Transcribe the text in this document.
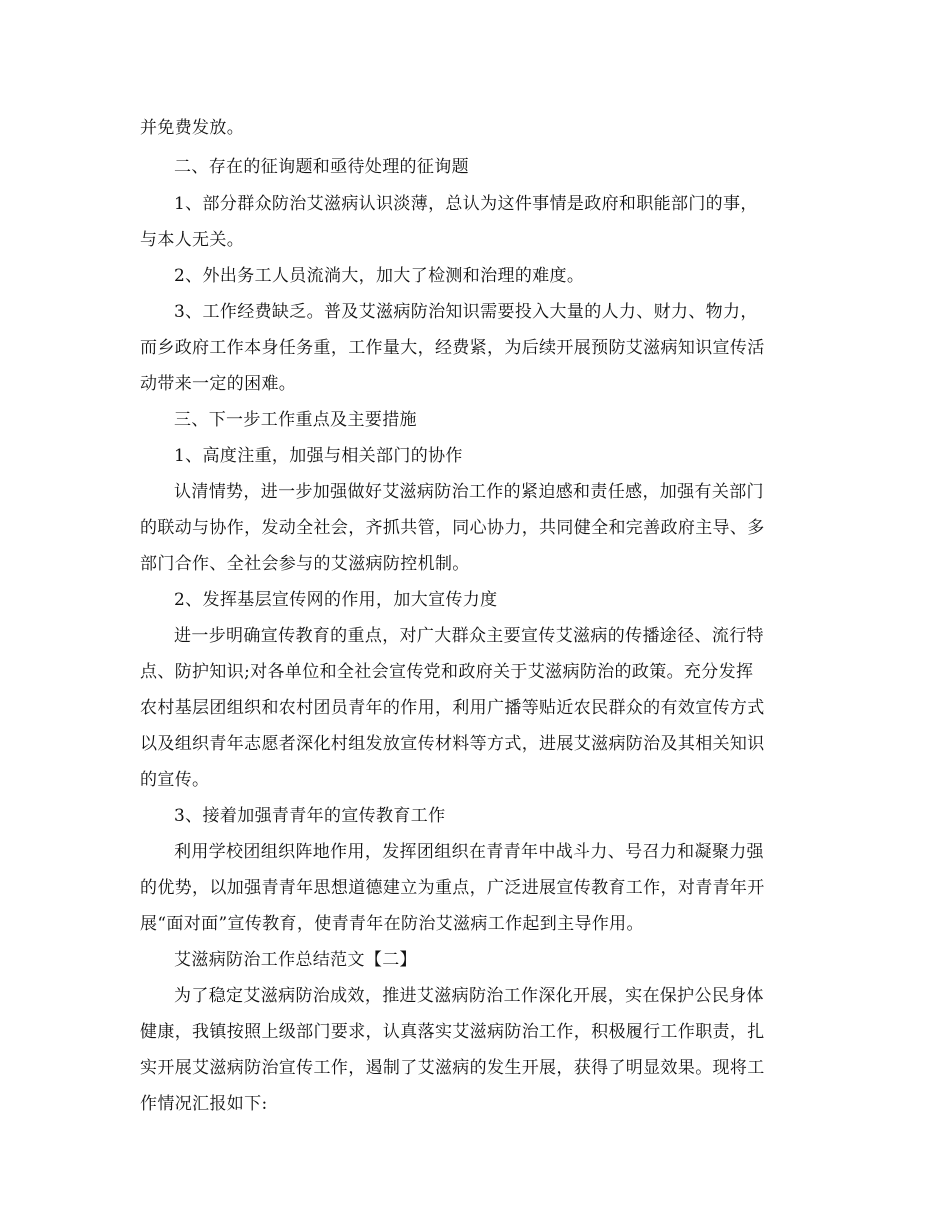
并免费发放。

二、存在的征询题和亟待处理的征询题

1、部分群众防治艾滋病认识淡薄，总认为这件事情是政府和职能部门的事，

与本人无关。

2、外出务工人员流淌大，加大了检测和治理的难度。

3、工作经费缺乏。普及艾滋病防治知识需要投入大量的人力、财力、物力，

而乡政府工作本身任务重，工作量大，经费紧，为后续开展预防艾滋病知识宣传活

动带来一定的困难。

三、下一步工作重点及主要措施

1、高度注重，加强与相关部门的协作

认清情势，进一步加强做好艾滋病防治工作的紧迫感和责任感，加强有关部门

的联动与协作，发动全社会，齐抓共管，同心协力，共同健全和完善政府主导、多

部门合作、全社会参与的艾滋病防控机制。

2、发挥基层宣传网的作用，加大宣传力度

进一步明确宣传教育的重点，对广大群众主要宣传艾滋病的传播途径、流行特

点、防护知识;对各单位和全社会宣传党和政府关于艾滋病防治的政策。充分发挥

农村基层团组织和农村团员青年的作用，利用广播等贴近农民群众的有效宣传方式

以及组织青年志愿者深化村组发放宣传材料等方式，进展艾滋病防治及其相关知识

的宣传。

3、接着加强青青年的宣传教育工作

利用学校团组织阵地作用，发挥团组织在青青年中战斗力、号召力和凝聚力强

的优势，以加强青青年思想道德建立为重点，广泛进展宣传教育工作，对青青年开

展“面对面”宣传教育，使青青年在防治艾滋病工作起到主导作用。

艾滋病防治工作总结范文【二】

为了稳定艾滋病防治成效，推进艾滋病防治工作深化开展，实在保护公民身体

健康，我镇按照上级部门要求，认真落实艾滋病防治工作，积极履行工作职责，扎

实开展艾滋病防治宣传工作，遏制了艾滋病的发生开展，获得了明显效果。现将工

作情况汇报如下:
